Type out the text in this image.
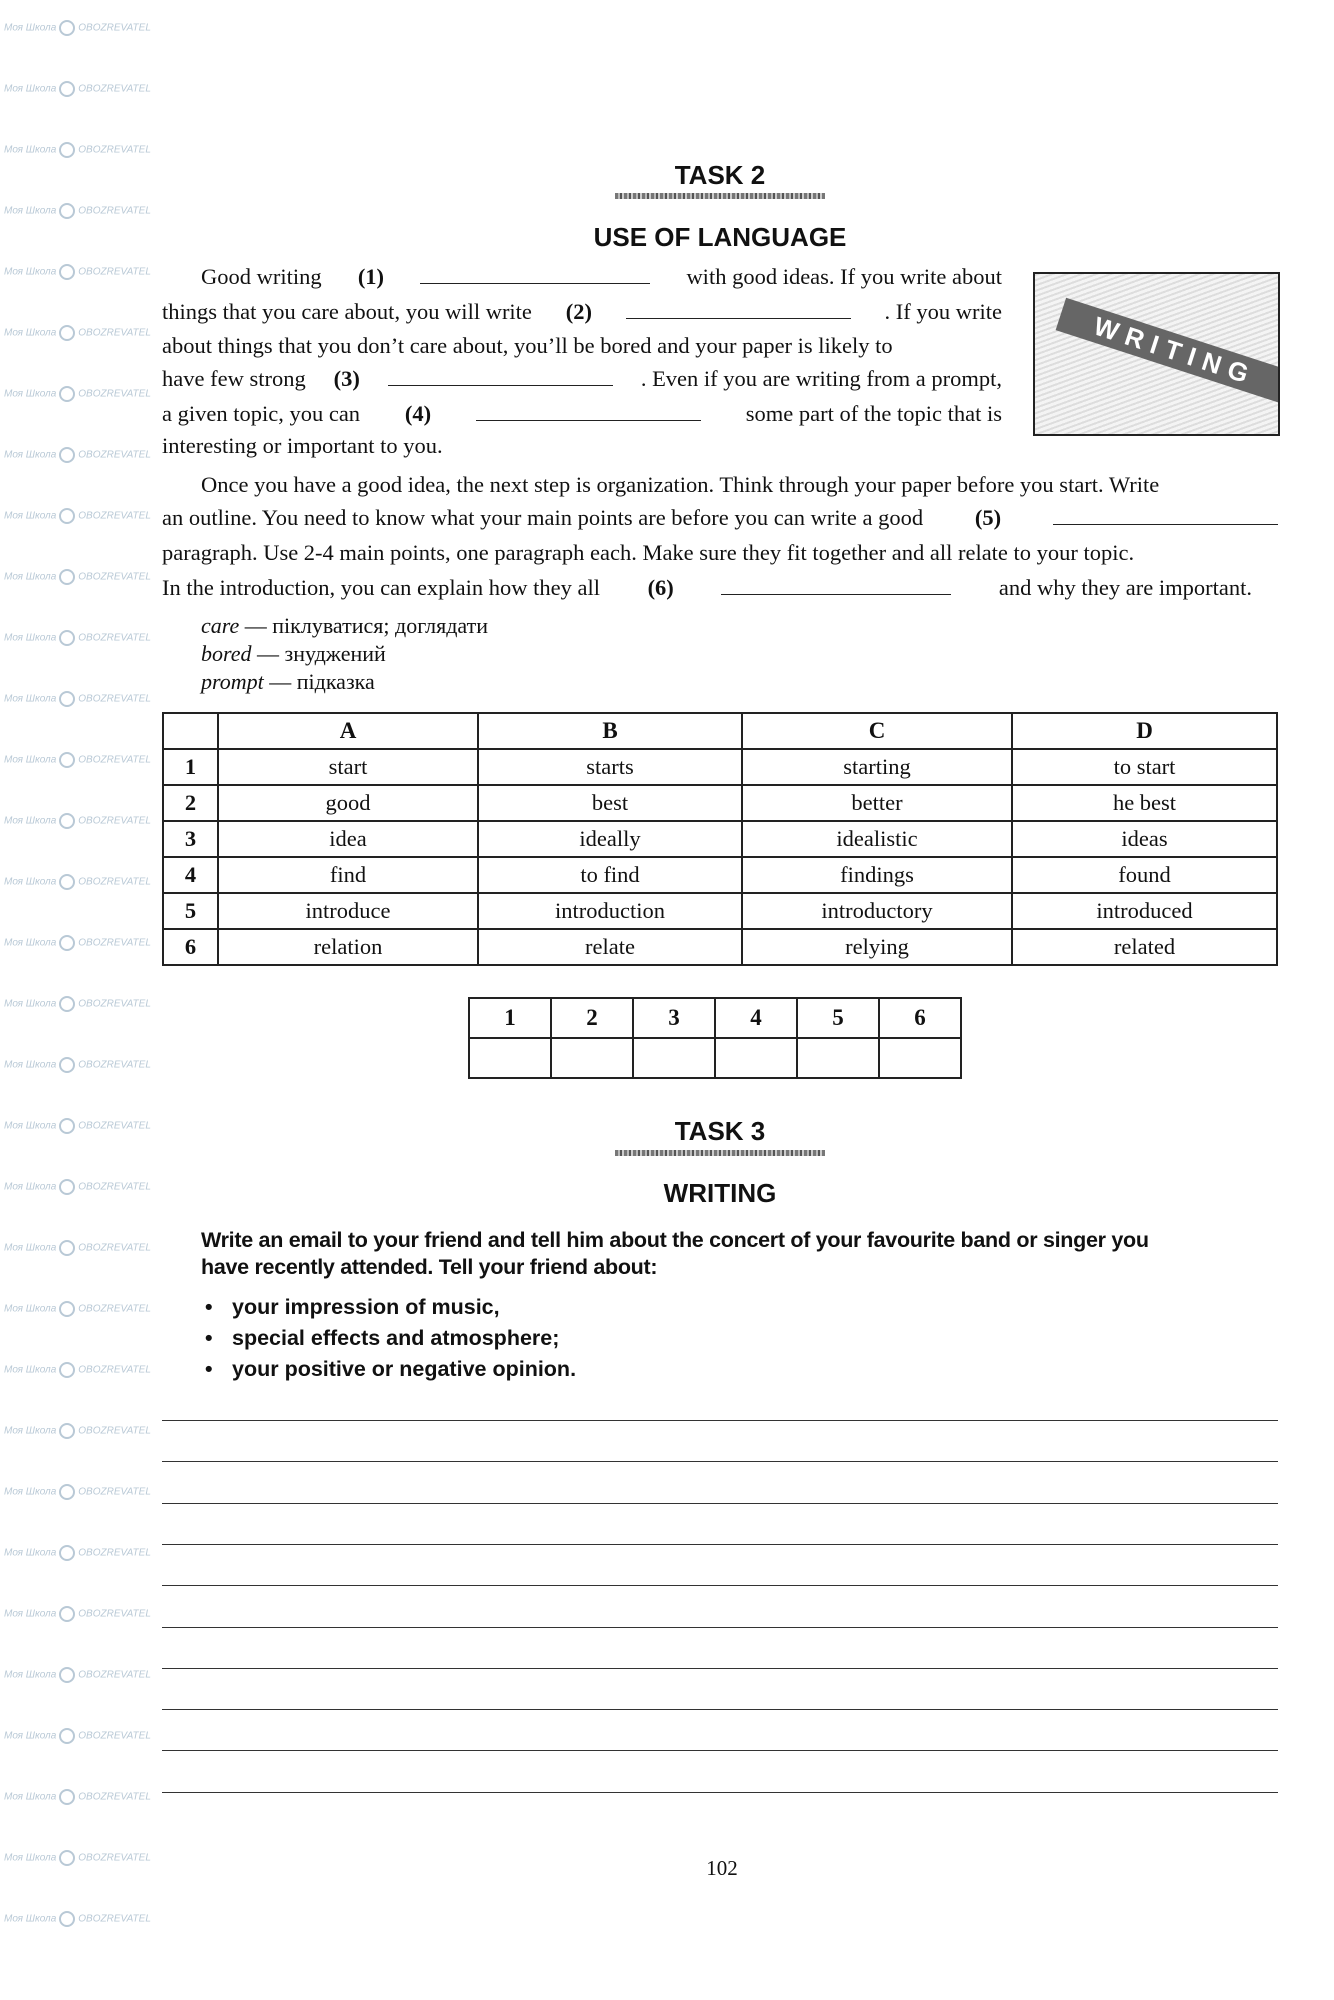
Моя Школа OBOZREVATEL
Моя Школа OBOZREVATEL
Моя Школа OBOZREVATEL
Моя Школа OBOZREVATEL
Моя Школа OBOZREVATEL
Моя Школа OBOZREVATEL
Моя Школа OBOZREVATEL
Моя Школа OBOZREVATEL
Моя Школа OBOZREVATEL
Моя Школа OBOZREVATEL
Моя Школа OBOZREVATEL
Моя Школа OBOZREVATEL
Моя Школа OBOZREVATEL
Моя Школа OBOZREVATEL
Моя Школа OBOZREVATEL
Моя Школа OBOZREVATEL
Моя Школа OBOZREVATEL
Моя Школа OBOZREVATEL
Моя Школа OBOZREVATEL
Моя Школа OBOZREVATEL
Моя Школа OBOZREVATEL
Моя Школа OBOZREVATEL
Моя Школа OBOZREVATEL
Моя Школа OBOZREVATEL
Моя Школа OBOZREVATEL
Моя Школа OBOZREVATEL
Моя Школа OBOZREVATEL
Моя Школа OBOZREVATEL
Моя Школа OBOZREVATEL
Моя Школа OBOZREVATEL
Моя Школа OBOZREVATEL
Моя Школа OBOZREVATEL
TASK 2
USE OF LANGUAGE
WRITING
Good writing (1)	with good ideas. If you write about
things that you care about, you will write (2)	. If you write
about things that you don’t care about, you’ll be bored and your paper is likely to
have few strong (3)	. Even if you are writing from a prompt,
a given topic, you can (4)	some part of the topic that is
interesting or important to you.
Once you have a good idea, the next step is organization. Think through your paper before you start. Write
an outline. You need to know what your main points are before you can write a good (5)
paragraph. Use 2-4 main points, one paragraph each. Make sure they fit together and all relate to your topic.
In the introduction, you can explain how they all (6)	and why they are important.
care — піклуватися; доглядати
bored — знуджений
prompt — підказка
	A	B	C	D
1	start	starts	starting	to start
2	good	best	better	he best
3	idea	ideally	idealistic	ideas
4	find	to find	findings	found
5	introduce	introduction	introductory	introduced
6	relation	relate	relying	related
1	2	3	4	5	6

TASK 3
WRITING
Write an email to your friend and tell him about the concert of your favourite band or singer you
have recently attended. Tell your friend about:
• your impression of music,
• special effects and atmosphere;
• your positive or negative opinion.
102
